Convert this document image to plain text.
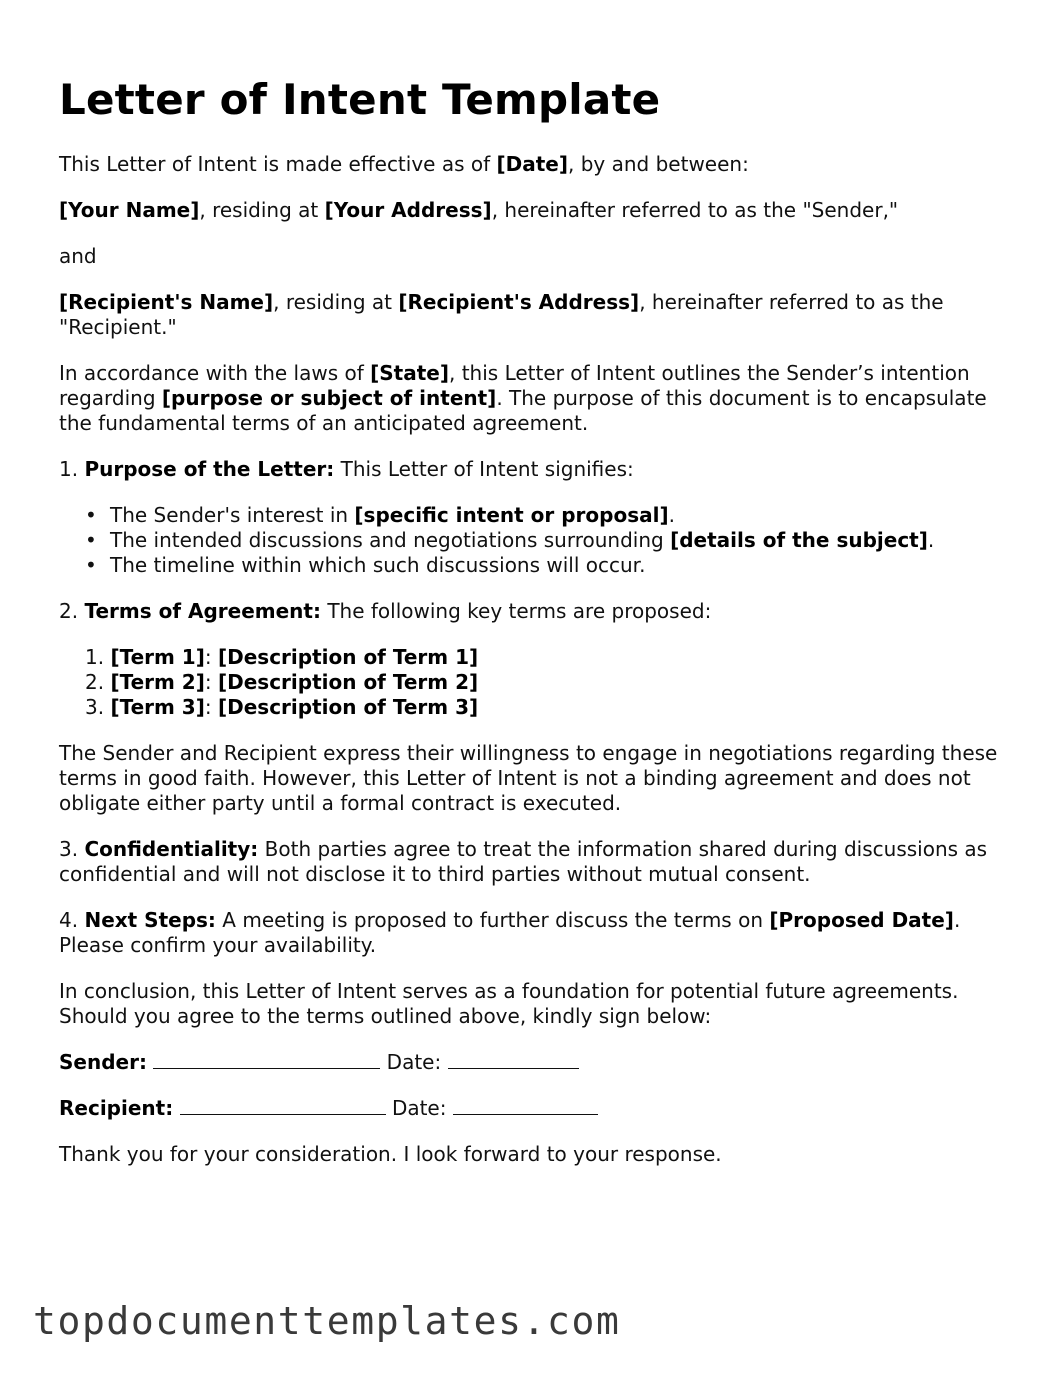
Letter of Intent Template

This Letter of Intent is made effective as of [Date], by and between:

[Your Name], residing at [Your Address], hereinafter referred to as the "Sender,"

and

[Recipient's Name], residing at [Recipient's Address], hereinafter referred to as the "Recipient."

In accordance with the laws of [State], this Letter of Intent outlines the Sender’s intention regarding [purpose or subject of intent]. The purpose of this document is to encapsulate the fundamental terms of an anticipated agreement.

1. Purpose of the Letter: This Letter of Intent signifies:

• The Sender's interest in [specific intent or proposal].
• The intended discussions and negotiations surrounding [details of the subject].
• The timeline within which such discussions will occur.

2. Terms of Agreement: The following key terms are proposed:

1. [Term 1]: [Description of Term 1]
2. [Term 2]: [Description of Term 2]
3. [Term 3]: [Description of Term 3]

The Sender and Recipient express their willingness to engage in negotiations regarding these terms in good faith. However, this Letter of Intent is not a binding agreement and does not obligate either party until a formal contract is executed.

3. Confidentiality: Both parties agree to treat the information shared during discussions as confidential and will not disclose it to third parties without mutual consent.

4. Next Steps: A meeting is proposed to further discuss the terms on [Proposed Date]. Please confirm your availability.

In conclusion, this Letter of Intent serves as a foundation for potential future agreements. Should you agree to the terms outlined above, kindly sign below:

Sender:	Date:
Recipient:	Date:

Thank you for your consideration. I look forward to your response.

topdocumenttemplates.com
